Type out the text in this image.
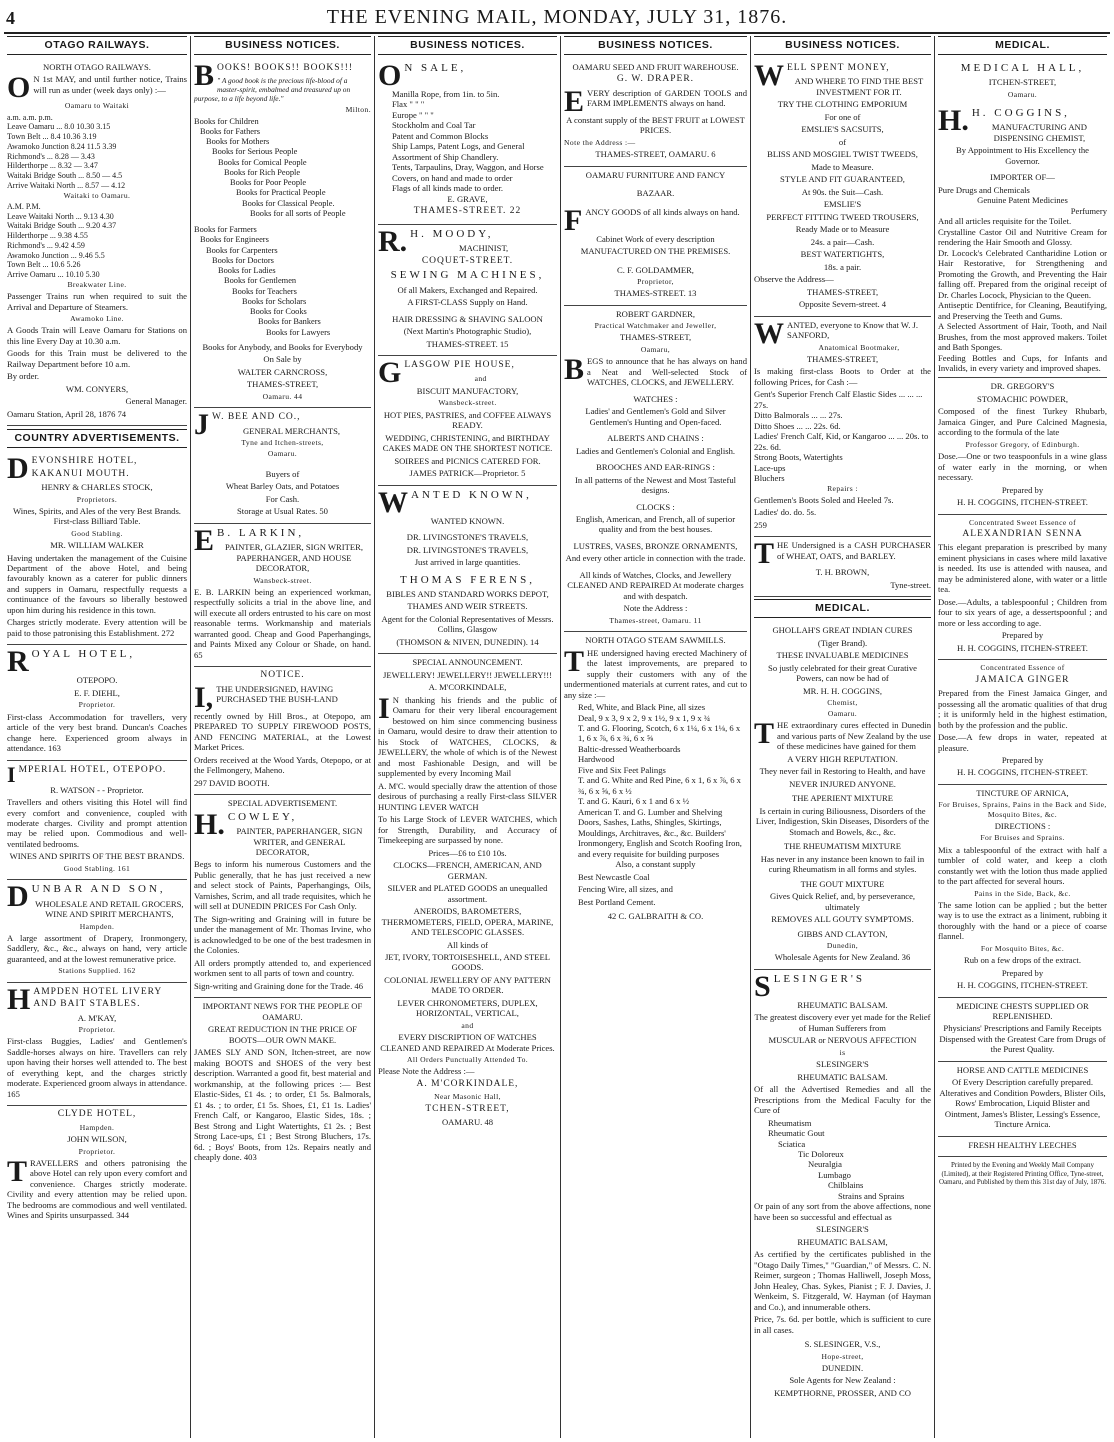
4	THE EVENING MAIL, MONDAY, JULY 31, 1876.
OTAGO RAILWAYS.

NORTH OTAGO RAILWAYS.

O N 1st MAY, and until further notice, Trains will run as under (week days only) :—

Oamaru to Waitaki

a.m. a.m. p.m.

Leave Oamaru ... 8.0 10.30 3.15

Town Belt ... 8.4 10.36 3.19

Awamoko Junction 8.24 11.5 3.39

Richmond's ... 8.28 — 3.43

Hilderthorpe ... 8.32 — 3.47

Waitaki Bridge South ... 8.50 — 4.5

Arrive Waitaki North ... 8.57 — 4.12

Waitaki to Oamaru.

A.M. P.M.

Leave Waitaki North ... 9.13 4.30

Waitaki Bridge South ... 9.20 4.37

Hilderthorpe ... 9.38 4.55

Richmond's ... 9.42 4.59

Awamoko Junction ... 9.46 5.5

Town Belt ... 10.6 5.26

Arrive Oamaru ... 10.10 5.30

Breakwater Line.

Passenger Trains run when required to suit the Arrival and Departure of Steamers.

Awamoko Line.

A Goods Train will Leave Oamaru for Stations on this line Every Day at 10.30 a.m.

Goods for this Train must be delivered to the Railway Department before 10 a.m.

By order.

WM. CONYERS,

General Manager.

Oamaru Station, April 28, 1876 74

COUNTRY ADVERTISEMENTS.

DEVONSHIRE HOTEL, KAKANUI MOUTH.

HENRY & CHARLES STOCK,

Proprietors.

Wines, Spirits, and Ales of the very Best Brands. First-class Billiard Table.

Good Stabling.

MR. WILLIAM WALKER

Having undertaken the management of the Cuisine Department of the above Hotel, and being favourably known as a caterer for public dinners and suppers in Oamaru, respectfully requests a continuance of the favours so liberally bestowed upon him during his residence in this town.

Charges strictly moderate. Every attention will be paid to those patronising this Establishment. 272

ROYAL HOTEL,

OTEPOPO.

E. F. DIEHL,

Proprietor.

First-class Accommodation for travellers, very article of the very best brand. Duncan's Coaches change here. Experienced groom always in attendance. 163

IMPERIAL HOTEL, OTEPOPO.

R. WATSON - - Proprietor.

Travellers and others visiting this Hotel will find every comfort and convenience, coupled with moderate charges. Civility and prompt attention may be relied upon. Commodious and well-ventilated bedrooms.

WINES AND SPIRITS OF THE BEST BRANDS.

Good Stabling. 161

DUNBAR AND SON,

WHOLESALE AND RETAIL GROCERS, WINE AND SPIRIT MERCHANTS,

Hampden.

A large assortment of Drapery, Ironmongery, Saddlery, &c., &c., always on hand, very article guaranteed, and at the lowest remunerative price.

Stations Supplied. 162

HAMPDEN HOTEL LIVERY AND BAIT STABLES.

A. M'KAY,

Proprietor.

First-class Buggies, Ladies' and Gentlemen's Saddle-horses always on hire. Travellers can rely upon having their horses well attended to. The best of everything kept, and the charges strictly moderate. Experienced groom always in attendance. 165

CLYDE HOTEL,

Hampden.

JOHN WILSON,

Proprietor.

TRAVELLERS and others patronising the above Hotel can rely upon every comfort and convenience. Charges strictly moderate. Civility and every attention may be relied upon. The bedrooms are commodious and well ventilated. Wines and Spirits unsurpassed. 344

BUSINESS NOTICES.

BOOKS! BOOKS!! BOOKS!!!

" A good book is the precious life-blood of a master-spirit, embalmed and treasured up on purpose, to a life beyond life."

Milton.

Books for Children

Books for Fathers

Books for Mothers

Books for Serious People

Books for Comical People

Books for Rich People

Books for Poor People

Books for Practical People

Books for Classical People.

Books for all sorts of People

Books for Farmers

Books for Engineers

Books for Carpenters

Books for Doctors

Books for Ladies

Books for Gentlemen

Books for Teachers

Books for Scholars

Books for Cooks

Books for Bankers

Books for Lawyers

Books for Anybody, and Books for Everybody

On Sale by

WALTER CARNCROSS,

THAMES-STREET,

Oamaru. 44

J W. BEE AND CO.,

GENERAL MERCHANTS,

Tyne and Itchen-streets,

Oamaru.

Buyers of

Wheat Barley Oats, and Potatoes

For Cash.

Storage at Usual Rates. 50

E B. LARKIN,

PAINTER, GLAZIER, SIGN WRITER, PAPERHANGER, AND HOUSE DECORATOR,

Wansbeck-street.

E. B. LARKIN being an experienced workman, respectfully solicits a trial in the above line, and will execute all orders entrusted to his care on most reasonable terms. Workmanship and materials warranted good. Cheap and Good Paperhangings, and Paints Mixed any Colour or Shade, on hand. 65

NOTICE.

I, THE UNDERSIGNED, HAVING PURCHASED THE BUSH-LAND

recently owned by Hill Bros., at Otepopo, am PREPARED TO SUPPLY FIREWOOD POSTS, AND FENCING MATERIAL, at the Lowest Market Prices.

Orders received at the Wood Yards, Otepopo, or at the Fellmongery, Maheno.

297 DAVID BOOTH.

SPECIAL ADVERTISEMENT.

H. COWLEY,

PAINTER, PAPERHANGER, SIGN WRITER, and GENERAL DECORATOR,

Begs to inform his numerous Customers and the Public generally, that he has just received a new and select stock of Paints, Paperhangings, Oils, Varnishes, Scrim, and all trade requisites, which he will sell at DUNEDIN PRICES For Cash Only.

The Sign-writing and Graining will in future be under the management of Mr. Thomas Irvine, who is acknowledged to be one of the best tradesmen in the Colonies.

All orders promptly attended to, and experienced workmen sent to all parts of town and country.

Sign-writing and Graining done for the Trade. 46

IMPORTANT NEWS FOR THE PEOPLE OF OAMARU.

GREAT REDUCTION IN THE PRICE OF BOOTS—OUR OWN MAKE.

JAMES SLY AND SON, Itchen-street, are now making BOOTS and SHOES of the very best description. Warranted a good fit, best material and workmanship, at the following prices :— Best Elastic-Sides, £1 4s. ; to order, £1 5s. Balmorals, £1 4s. ; to order, £1 5s. Shoes, £1, £1 1s. Ladies' French Calf, or Kangaroo, Elastic Sides, 18s. ; Best Strong and Light Watertights, £1 2s. ; Best Strong Lace-ups, £1 ; Best Strong Bluchers, 17s. 6d. ; Boys' Boots, from 12s. Repairs neatly and cheaply done. 403

BUSINESS NOTICES.

O N SALE,

Manilla Rope, from 1in. to 5in.

Flax " " "

Europe " " "

Stockholm and Coal Tar

Patent and Common Blocks

Ship Lamps, Patent Logs, and General Assortment of Ship Chandlery.

Tents, Tarpaulins, Dray, Waggon, and Horse Covers, on hand and made to order

Flags of all kinds made to order.

E. GRAVE,

THAMES-STREET. 22

R. H. MOODY,

MACHINIST,

COQUET-STREET.

SEWING MACHINES,

Of all Makers, Exchanged and Repaired.

A FIRST-CLASS Supply on Hand.

HAIR DRESSING & SHAVING SALOON

(Next Martin's Photographic Studio),

THAMES-STREET. 15

GLASGOW PIE HOUSE,

and

BISCUIT MANUFACTORY,

Wansbeck-street.

HOT PIES, PASTRIES, and COFFEE ALWAYS READY.

WEDDING, CHRISTENING, and BIRTHDAY CAKES MADE ON THE SHORTEST NOTICE.

SOIREES and PICNICS CATERED FOR.

JAMES PATRICK—Proprietor. 5

WANTED KNOWN,

WANTED KNOWN.

DR. LIVINGSTONE'S TRAVELS,

DR. LIVINGSTONE'S TRAVELS,

Just arrived in large quantities.

THOMAS FERENS,

BIBLES AND STANDARD WORKS DEPOT,

THAMES AND WEIR STREETS.

Agent for the Colonial Representatives of Messrs. Collins, Glasgow

(THOMSON & NIVEN, DUNEDIN). 14

SPECIAL ANNOUNCEMENT.

JEWELLERY! JEWELLERY!! JEWELLERY!!!

A. M'CORKINDALE,

I N thanking his friends and the public of Oamaru for their very liberal encouragement bestowed on him since commencing business in Oamaru, would desire to draw their attention to his Stock of WATCHES, CLOCKS, & JEWELLERY, the whole of which is of the Newest and most Fashionable Design, and will be supplemented by every Incoming Mail

A. M'C. would specially draw the attention of those desirous of purchasing a really First-class SILVER HUNTING LEVER WATCH

To his Large Stock of LEVER WATCHES, which for Strength, Durability, and Accuracy of Timekeeping are surpassed by none.

Prices—£6 to £10 10s.

CLOCKS—FRENCH, AMERICAN, AND GERMAN.

SILVER and PLATED GOODS an unequalled assortment.

ANEROIDS, BAROMETERS, THERMOMETERS, FIELD, OPERA, MARINE, AND TELESCOPIC GLASSES.

All kinds of

JET, IVORY, TORTOISESHELL, AND STEEL GOODS.

COLONIAL JEWELLERY OF ANY PATTERN MADE TO ORDER.

LEVER CHRONOMETERS, DUPLEX, HORIZONTAL, VERTICAL,

and

EVERY DISCRIPTION OF WATCHES CLEANED AND REPAIRED At Moderate Prices.

All Orders Punctually Attended To.

Please Note the Address :—

A. M'CORKINDALE,

Near Masonic Hall,

TCHEN-STREET,

OAMARU. 48

BUSINESS NOTICES.

OAMARU SEED AND FRUIT WAREHOUSE.

G. W. DRAPER.

EVERY description of GARDEN TOOLS and FARM IMPLEMENTS always on hand.

A constant supply of the BEST FRUIT at LOWEST PRICES.

Note the Address :—

THAMES-STREET, OAMARU. 6

OAMARU FURNITURE AND FANCY

BAZAAR.

FANCY GOODS of all kinds always on hand.

Cabinet Work of every description

MANUFACTURED ON THE PREMISES.

C. F. GOLDAMMER,

Proprietor,

THAMES-STREET. 13

ROBERT GARDNER,

Practical Watchmaker and Jeweller,

THAMES-STREET,

Oamaru,

BEGS to announce that he has always on hand a Neat and Well-selected Stock of WATCHES, CLOCKS, and JEWELLERY.

WATCHES :

Ladies' and Gentlemen's Gold and Silver Gentlemen's Hunting and Open-faced.

ALBERTS AND CHAINS :

Ladies and Gentlemen's Colonial and English.

BROOCHES AND EAR-RINGS :

In all patterns of the Newest and Most Tasteful designs.

CLOCKS :

English, American, and French, all of superior quality and from the best houses.

LUSTRES, VASES, BRONZE ORNAMENTS,

And every other article in connection with the trade.

All kinds of Watches, Clocks, and Jewellery CLEANED AND REPAIRED At moderate charges and with despatch.

Note the Address :

Thames-street, Oamaru. 11

NORTH OTAGO STEAM SAWMILLS.

THE undersigned having erected Machinery of the latest improvements, are prepared to supply their customers with any of the undermentioned materials at current rates, and cut to any size :—

Red, White, and Black Pine, all sizes

Deal, 9 x 3, 9 x 2, 9 x 1½, 9 x 1, 9 x ¾

T. and G. Flooring, Scotch, 6 x 1¼, 6 x 1⅛, 6 x 1, 6 x ⅞, 6 x ¾, 6 x ⅝

Baltic-dressed Weatherboards

Hardwood

Five and Six Feet Palings

T. and G. White and Red Pine, 6 x 1, 6 x ⅞, 6 x ¾, 6 x ⅝, 6 x ½

T. and G. Kauri, 6 x 1 and 6 x ½

American T. and G. Lumber and Shelving

Doors, Sashes, Laths, Shingles, Skirtings, Mouldings, Architraves, &c., &c. Builders' Ironmongery, English and Scotch Roofing Iron, and every requisite for building purposes

Also, a constant supply

Best Newcastle Coal

Fencing Wire, all sizes, and

Best Portland Cement.

42 C. GALBRAITH & CO.

BUSINESS NOTICES.

WELL SPENT MONEY,

AND WHERE TO FIND THE BEST INVESTMENT FOR IT.

TRY THE CLOTHING EMPORIUM

For one of

EMSLIE'S SACSUITS,

of

BLISS AND MOSGIEL TWIST TWEEDS,

Made to Measure.

STYLE AND FIT GUARANTEED,

At 90s. the Suit—Cash.

EMSLIE'S

PERFECT FITTING TWEED TROUSERS,

Ready Made or to Measure

24s. a pair—Cash.

BEST WATERTIGHTS,

18s. a pair.

Observe the Address—

THAMES-STREET,

Opposite Severn-street. 4

WANTED, everyone to Know that W. J. SANFORD,

Anatomical Bootmaker,

THAMES-STREET,

Is making first-class Boots to Order at the following Prices, for Cash :—

Gent's Superior French Calf Elastic Sides ... ... ... 27s.

Ditto Balmorals ... ... 27s.

Ditto Shoes ... ... 22s. 6d.

Ladies' French Calf, Kid, or Kangaroo ... ... 20s. to 22s. 6d.

Strong Boots, Watertights

Lace-ups

Bluchers

Repairs :

Gentlemen's Boots Soled and Heeled 7s.

Ladies' do. do. 5s.

259

THE Undersigned is a CASH PURCHASER of WHEAT, OATS, and BARLEY.

T. H. BROWN,

Tyne-street.

MEDICAL.

GHOLLAH'S GREAT INDIAN CURES

(Tiger Brand).

THESE INVALUABLE MEDICINES

So justly celebrated for their great Curative Powers, can now be had of

MR. H. H. COGGINS,

Chemist,

Oamaru.

THE extraordinary cures effected in Dunedin and various parts of New Zealand by the use of these medicines have gained for them

A VERY HIGH REPUTATION.

They never fail in Restoring to Health, and have

NEVER INJURED ANYONE.

THE APERIENT MIXTURE

Is certain in curing Biliousness, Disorders of the Liver, Indigestion, Skin Diseases, Disorders of the Stomach and Bowels, &c., &c.

THE RHEUMATISM MIXTURE

Has never in any instance been known to fail in curing Rheumatism in all forms and styles.

THE GOUT MIXTURE

Gives Quick Relief, and, by perseverance, ultimately

REMOVES ALL GOUTY SYMPTOMS.

GIBBS AND CLAYTON,

Dunedin,

Wholesale Agents for New Zealand. 36

SLESINGER'S

RHEUMATIC BALSAM.

The greatest discovery ever yet made for the Relief of Human Sufferers from

MUSCULAR or NERVOUS AFFECTION

is

SLESINGER'S

RHEUMATIC BALSAM.

Of all the Advertised Remedies and all the Prescriptions from the Medical Faculty for the Cure of

Rheumatism

Rheumatic Gout

Sciatica

Tic Doloreux

Neuralgia

Lumbago

Chilblains

Strains and Sprains

Or pain of any sort from the above affections, none have been so successful and effectual as

SLESINGER'S

RHEUMATIC BALSAM,

As certified by the certificates published in the "Otago Daily Times," "Guardian," of Messrs. C. N. Reimer, surgeon ; Thomas Halliwell, Joseph Moss, John Healey, Chas. Sykes, Pianist ; F. J. Davies, J. Wenkeim, S. Fitzgerald, W. Hayman (of Hayman and Co.), and innumerable others.

Price, 7s. 6d. per bottle, which is sufficient to cure in all cases.

S. SLESINGER, V.S.,

Hope-street,

DUNEDIN.

Sole Agents for New Zealand :

KEMPTHORNE, PROSSER, AND CO

MEDICAL.

MEDICAL HALL,

ITCHEN-STREET,

Oamaru.

H. H. COGGINS,

MANUFACTURING AND DISPENSING CHEMIST,

By Appointment to His Excellency the Governor.

IMPORTER OF—

Pure Drugs and Chemicals

Genuine Patent Medicines

Perfumery

And all articles requisite for the Toilet.

Crystalline Castor Oil and Nutritive Cream for rendering the Hair Smooth and Glossy.

Dr. Locock's Celebrated Cantharidine Lotion or Hair Restorative, for Strengthening and Promoting the Growth, and Preventing the Hair falling off. Prepared from the original receipt of Dr. Charles Locock, Physician to the Queen.

Antiseptic Dentifrice, for Cleaning, Beautifying, and Preserving the Teeth and Gums.

A Selected Assortment of Hair, Tooth, and Nail Brushes, from the most approved makers. Toilet and Bath Sponges.

Feeding Bottles and Cups, for Infants and Invalids, in every variety and improved shapes.

DR. GREGORY'S

STOMACHIC POWDER,

Composed of the finest Turkey Rhubarb, Jamaica Ginger, and Pure Calcined Magnesia, according to the formula of the late

Professor Gregory, of Edinburgh.

Dose.—One or two teaspoonfuls in a wine glass of water early in the morning, or when necessary.

Prepared by

H. H. COGGINS, ITCHEN-STREET.

Concentrated Sweet Essence of

ALEXANDRIAN SENNA

This elegant preparation is prescribed by many eminent physicians in cases where mild laxative is needed. Its use is attended with nausea, and may be administered alone, with water or a little tea.

Dose.—Adults, a tablespoonful ; Children from four to six years of age, a dessertspoonful ; and more or less according to age.

Prepared by

H. H. COGGINS, ITCHEN-STREET.

Concentrated Essence of

JAMAICA GINGER

Prepared from the Finest Jamaica Ginger, and possessing all the aromatic qualities of that drug ; it is uniformly held in the highest estimation, both by the profession and the public.

Dose.—A few drops in water, repeated at pleasure.

Prepared by

H. H. COGGINS, ITCHEN-STREET.

TINCTURE OF ARNICA,

For Bruises, Sprains, Pains in the Back and Side, Mosquito Bites, &c.

DIRECTIONS :

For Bruises and Sprains.

Mix a tablespoonful of the extract with half a tumbler of cold water, and keep a cloth constantly wet with the lotion thus made applied to the part affected for several hours.

Pains in the Side, Back, &c.

The same lotion can be applied ; but the better way is to use the extract as a liniment, rubbing it thoroughly with the hand or a piece of coarse flannel.

For Mosquito Bites, &c.

Rub on a few drops of the extract.

Prepared by

H. H. COGGINS, ITCHEN-STREET.

MEDICINE CHESTS SUPPLIED OR REPLENISHED.

Physicians' Prescriptions and Family Receipts Dispensed with the Greatest Care from Drugs of the Purest Quality.

HORSE AND CATTLE MEDICINES

Of Every Description carefully prepared. Alteratives and Condition Powders, Blister Oils, Rows' Embrocation, Liquid Blister and Ointment, James's Blister, Lessing's Essence, Tincture Arnica.

FRESH HEALTHY LEECHES

Printed by the Evening and Weekly Mail Company (Limited), at their Registered Printing Office, Tyne-street, Oamaru, and Published by them this 31st day of July, 1876.
